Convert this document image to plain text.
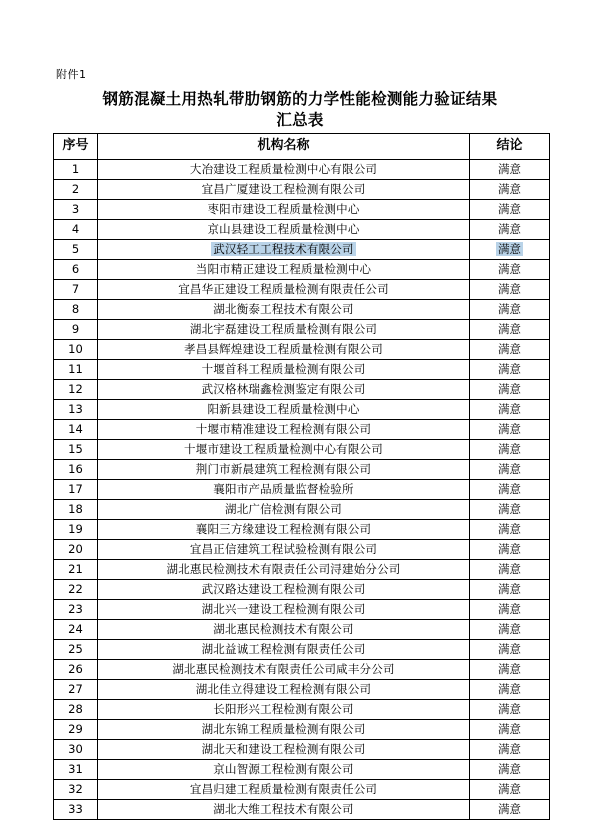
附件1
钢筋混凝土用热轧带肋钢筋的力学性能检测能力验证结果
汇总表
序号	机构名称	结论
1	大冶建设工程质量检测中心有限公司	满意
2	宜昌广厦建设工程检测有限公司	满意
3	枣阳市建设工程质量检测中心	满意
4	京山县建设工程质量检测中心	满意
5	武汉轻工工程技术有限公司	满意
6	当阳市精正建设工程质量检测中心	满意
7	宜昌华正建设工程质量检测有限责任公司	满意
8	湖北衡泰工程技术有限公司	满意
9	湖北宇磊建设工程质量检测有限公司	满意
10	孝昌县辉煌建设工程质量检测有限公司	满意
11	十堰首科工程质量检测有限公司	满意
12	武汉格林瑞鑫检测鉴定有限公司	满意
13	阳新县建设工程质量检测中心	满意
14	十堰市精准建设工程检测有限公司	满意
15	十堰市建设工程质量检测中心有限公司	满意
16	荆门市新晨建筑工程检测有限公司	满意
17	襄阳市产品质量监督检验所	满意
18	湖北广信检测有限公司	满意
19	襄阳三方缘建设工程检测有限公司	满意
20	宜昌正信建筑工程试验检测有限公司	满意
21	湖北惠民检测技术有限责任公司浔建始分公司	满意
22	武汉路达建设工程检测有限公司	满意
23	湖北兴一建设工程检测有限公司	满意
24	湖北惠民检测技术有限公司	满意
25	湖北益诚工程检测有限责任公司	满意
26	湖北惠民检测技术有限责任公司咸丰分公司	满意
27	湖北佳立得建设工程检测有限公司	满意
28	长阳形兴工程检测有限公司	满意
29	湖北东锦工程质量检测有限公司	满意
30	湖北天和建设工程检测有限公司	满意
31	京山智源工程检测有限公司	满意
32	宜昌归建工程质量检测有限责任公司	满意
33	湖北大维工程技术有限公司	满意
